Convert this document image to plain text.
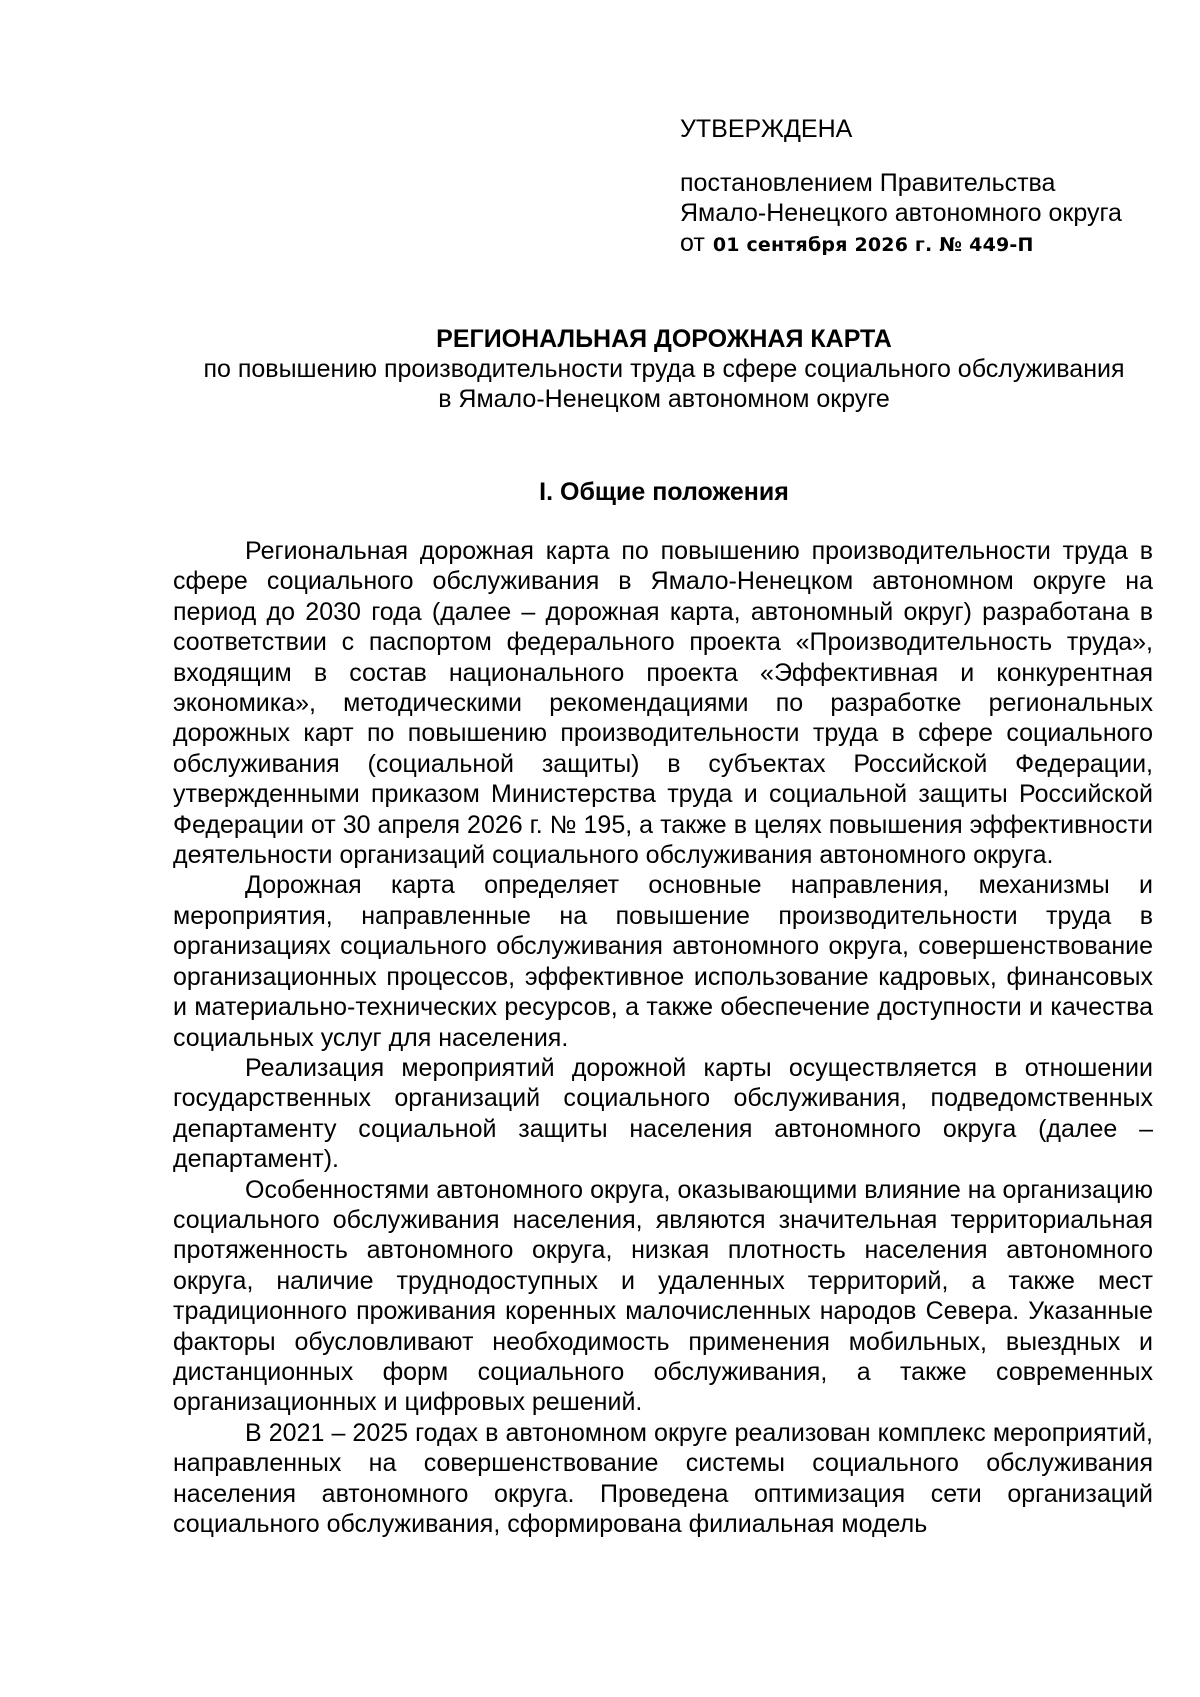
УТВЕРЖДЕНА
постановлением Правительства
Ямало-Ненецкого автономного округа
от 01 сентября 2026 г. № 449-П
РЕГИОНАЛЬНАЯ ДОРОЖНАЯ КАРТА
по повышению производительности труда в сфере социального обслуживания
в Ямало-Ненецком автономном округе
I. Общие положения

Региональная дорожная карта по повышению производительности труда в сфере социального обслуживания в Ямало-Ненецком автономном округе на период до 2030 года (далее – дорожная карта, автономный округ) разработана в соответствии с паспортом федерального проекта «Производительность труда», входящим в состав национального проекта «Эффективная и конкурентная экономика», методическими рекомендациями по разработке региональных дорожных карт по повышению производительности труда в сфере социального обслуживания (социальной защиты) в субъектах Российской Федерации, утвержденными приказом Министерства труда и социальной защиты Российской Федерации от 30 апреля 2026 г. № 195, а также в целях повышения эффективности деятельности организаций социального обслуживания автономного округа.

Дорожная карта определяет основные направления, механизмы и мероприятия, направленные на повышение производительности труда в организациях социального обслуживания автономного округа, совершенствование организационных процессов, эффективное использование кадровых, финансовых и материально-технических ресурсов, а также обеспечение доступности и качества социальных услуг для населения.

Реализация мероприятий дорожной карты осуществляется в отношении государственных организаций социального обслуживания, подведомственных департаменту социальной защиты населения автономного округа (далее – департамент).

Особенностями автономного округа, оказывающими влияние на организацию социального обслуживания населения, являются значительная территориальная протяженность автономного округа, низкая плотность населения автономного округа, наличие труднодоступных и удаленных территорий, а также мест традиционного проживания коренных малочисленных народов Севера. Указанные факторы обусловливают необходимость применения мобильных, выездных и дистанционных форм социального обслуживания, а также современных организационных и цифровых решений.

В 2021 – 2025 годах в автономном округе реализован комплекс мероприятий, направленных на совершенствование системы социального обслуживания населения автономного округа. Проведена оптимизация сети организаций социального обслуживания, сформирована филиальная модель
